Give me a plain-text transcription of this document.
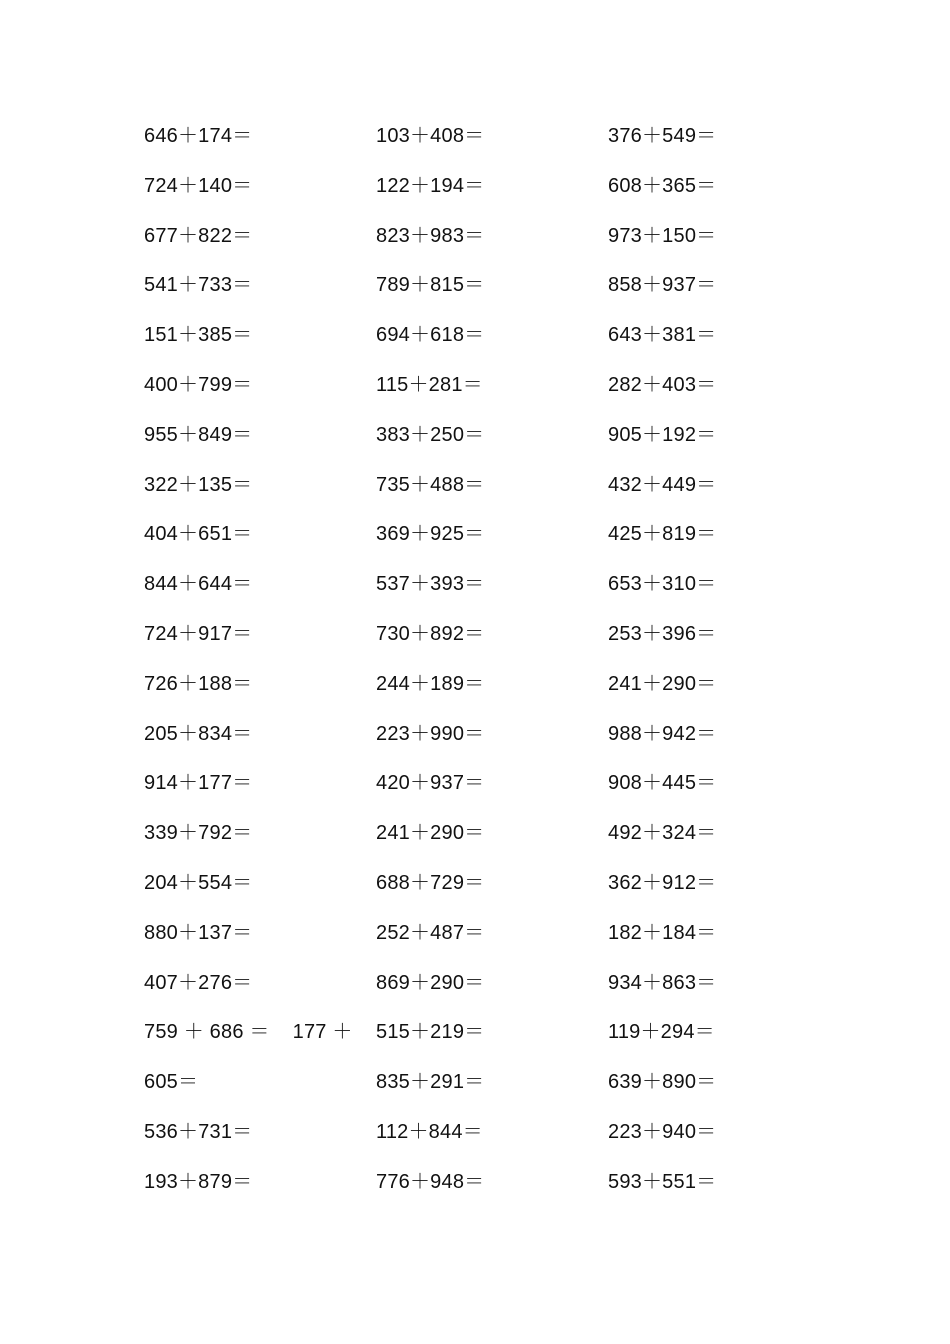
646＋174＝
724＋140＝
677＋822＝
541＋733＝
151＋385＝
400＋799＝
955＋849＝
322＋135＝
404＋651＝
844＋644＝
724＋917＝
726＋188＝
205＋834＝
914＋177＝
339＋792＝
204＋554＝
880＋137＝
407＋276＝
759 ＋ 686 ＝    177 ＋
605＝
536＋731＝
193＋879＝
103＋408＝
122＋194＝
823＋983＝
789＋815＝
694＋618＝
115＋281＝
383＋250＝
735＋488＝
369＋925＝
537＋393＝
730＋892＝
244＋189＝
223＋990＝
420＋937＝
241＋290＝
688＋729＝
252＋487＝
869＋290＝
515＋219＝
835＋291＝
112＋844＝
776＋948＝
376＋549＝
608＋365＝
973＋150＝
858＋937＝
643＋381＝
282＋403＝
905＋192＝
432＋449＝
425＋819＝
653＋310＝
253＋396＝
241＋290＝
988＋942＝
908＋445＝
492＋324＝
362＋912＝
182＋184＝
934＋863＝
119＋294＝
639＋890＝
223＋940＝
593＋551＝
